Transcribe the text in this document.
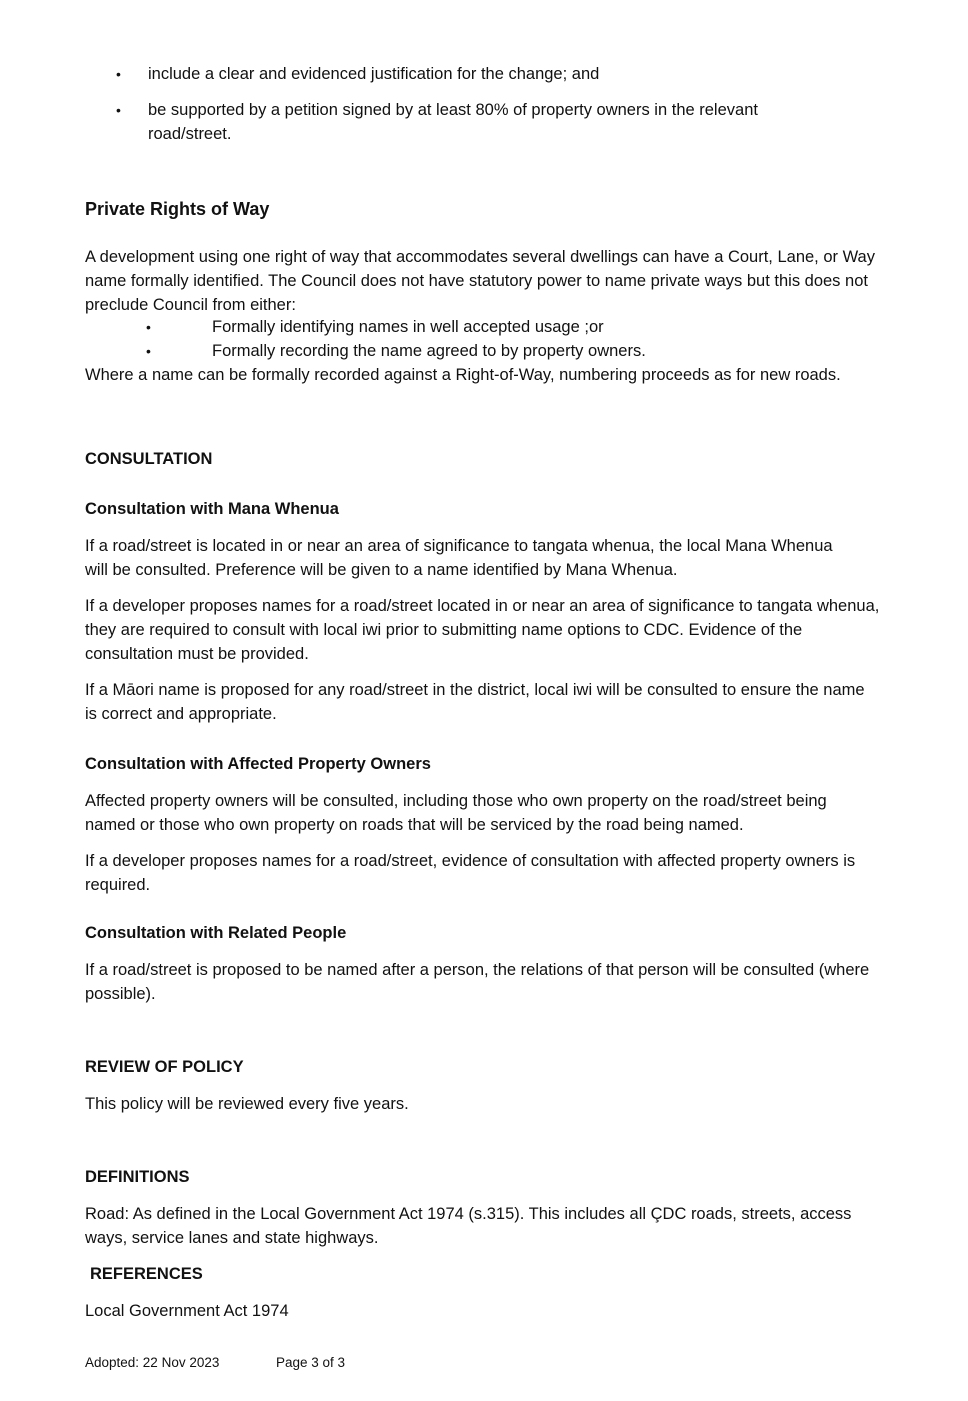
• include a clear and evidenced justification for the change; and

• be supported by a petition signed by at least 80% of property owners in the relevant road/street.

Private Rights of Way

A development using one right of way that accommodates several dwellings can have a Court, Lane, or Way name formally identified. The Council does not have statutory power to name private ways but this does not preclude Council from either:

•	Formally identifying names in well accepted usage ;or

•	Formally recording the name agreed to by property owners.

Where a name can be formally recorded against a Right-of-Way, numbering proceeds as for new roads.

CONSULTATION
Consultation with Mana Whenua

If a road/street is located in or near an area of significance to tangata whenua, the local Mana Whenua will be consulted. Preference will be given to a name identified by Mana Whenua.

If a developer proposes names for a road/street located in or near an area of significance to tangata whenua, they are required to consult with local iwi prior to submitting name options to CDC. Evidence of the consultation must be provided.

If a Māori name is proposed for any road/street in the district, local iwi will be consulted to ensure the name is correct and appropriate.

Consultation with Affected Property Owners

Affected property owners will be consulted, including those who own property on the road/street being named or those who own property on roads that will be serviced by the road being named.

If a developer proposes names for a road/street, evidence of consultation with affected property owners is required.

Consultation with Related People

If a road/street is proposed to be named after a person, the relations of that person will be consulted (where possible).

REVIEW OF POLICY

This policy will be reviewed every five years.

DEFINITIONS

Road: As defined in the Local Government Act 1974 (s.315). This includes all ÇDC roads, streets, access ways, service lanes and state highways.

REFERENCES

Local Government Act 1974

Adopted: 22 Nov 2023	Page 3 of 3
